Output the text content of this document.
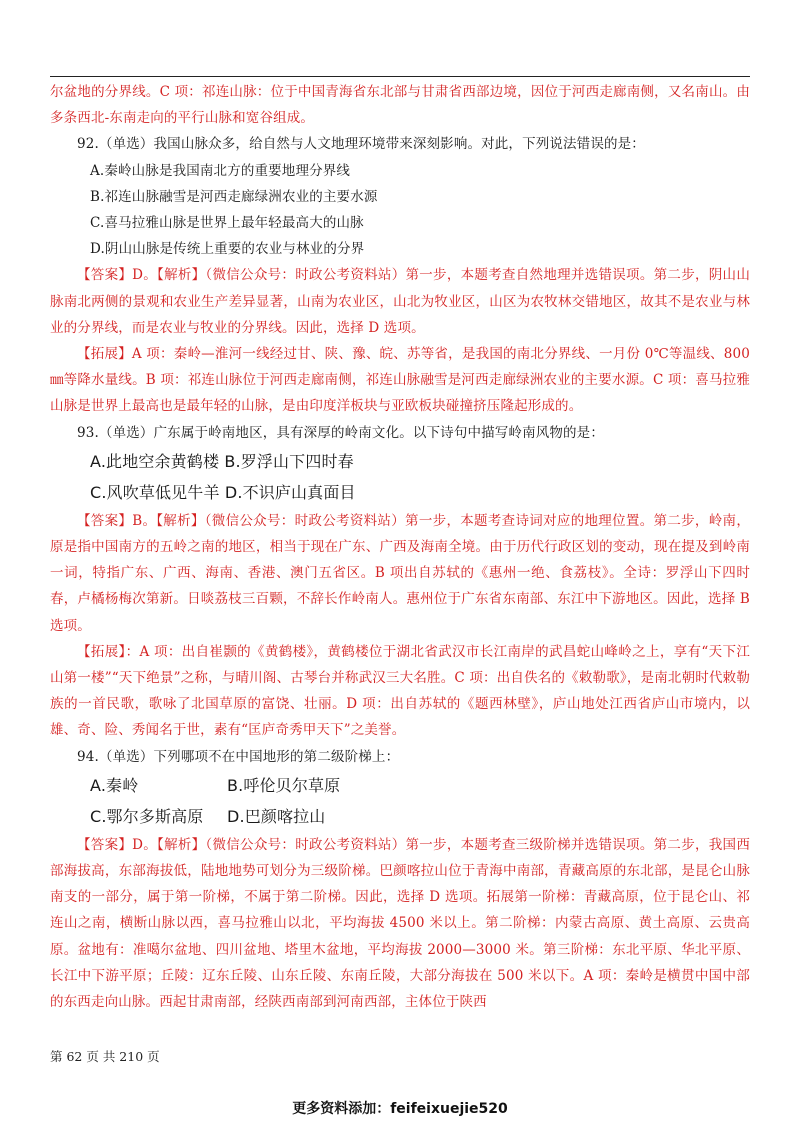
尔盆地的分界线。C 项：祁连山脉：位于中国青海省东北部与甘肃省西部边境，因位于河西走廊南侧，又名南山。由多条西北-东南走向的平行山脉和宽谷组成。

92.（单选）我国山脉众多，给自然与人文地理环境带来深刻影响。对此，下列说法错误的是：

A.秦岭山脉是我国南北方的重要地理分界线

B.祁连山脉融雪是河西走廊绿洲农业的主要水源

C.喜马拉雅山脉是世界上最年轻最高大的山脉

D.阴山山脉是传统上重要的农业与林业的分界

【答案】D。【解析】（微信公众号：时政公考资料站）第一步，本题考查自然地理并选错误项。第二步，阴山山脉南北两侧的景观和农业生产差异显著，山南为农业区，山北为牧业区，山区为农牧林交错地区，故其不是农业与林业的分界线，而是农业与牧业的分界线。因此，选择 D 选项。

【拓展】A 项：秦岭—淮河一线经过甘、陕、豫、皖、苏等省，是我国的南北分界线、一月份 0℃等温线、800㎜等降水量线。B 项：祁连山脉位于河西走廊南侧，祁连山脉融雪是河西走廊绿洲农业的主要水源。C 项：喜马拉雅山脉是世界上最高也是最年轻的山脉，是由印度洋板块与亚欧板块碰撞挤压隆起形成的。

93.（单选）广东属于岭南地区，具有深厚的岭南文化。以下诗句中描写岭南风物的是：

A.此地空余黄鹤楼 B.罗浮山下四时春

C.风吹草低见牛羊 D.不识庐山真面目

【答案】B。【解析】（微信公众号：时政公考资料站）第一步，本题考查诗词对应的地理位置。第二步，岭南，原是指中国南方的五岭之南的地区，相当于现在广东、广西及海南全境。由于历代行政区划的变动，现在提及到岭南一词，特指广东、广西、海南、香港、澳门五省区。B 项出自苏轼的《惠州一绝、食荔枝》。全诗：罗浮山下四时春，卢橘杨梅次第新。日啖荔枝三百颗，不辞长作岭南人。惠州位于广东省东南部、东江中下游地区。因此，选择 B 选项。

【拓展】：A 项：出自崔颢的《黄鹤楼》，黄鹤楼位于湖北省武汉市长江南岸的武昌蛇山峰岭之上，享有“天下江山第一楼”“天下绝景”之称，与晴川阁、古琴台并称武汉三大名胜。C 项：出自佚名的《敕勒歌》，是南北朝时代敕勒族的一首民歌，歌咏了北国草原的富饶、壮丽。D 项：出自苏轼的《题西林壁》，庐山地处江西省庐山市境内，以雄、奇、险、秀闻名于世，素有“匡庐奇秀甲天下”之美誉。

94.（单选）下列哪项不在中国地形的第二级阶梯上：

A.秦岭	B.呼伦贝尔草原

C.鄂尔多斯高原 D.巴颜喀拉山

【答案】D。【解析】（微信公众号：时政公考资料站）第一步，本题考查三级阶梯并选错误项。第二步，我国西部海拔高，东部海拔低，陆地地势可划分为三级阶梯。巴颜喀拉山位于青海中南部，青藏高原的东北部，是昆仑山脉南支的一部分，属于第一阶梯，不属于第二阶梯。因此，选择 D 选项。拓展第一阶梯：青藏高原，位于昆仑山、祁连山之南，横断山脉以西，喜马拉雅山以北，平均海拔 4500 米以上。第二阶梯：内蒙古高原、黄土高原、云贵高原。盆地有：准噶尔盆地、四川盆地、塔里木盆地，平均海拔 2000—3000 米。第三阶梯：东北平原、华北平原、长江中下游平原；丘陵：辽东丘陵、山东丘陵、东南丘陵，大部分海拔在 500 米以下。A 项：秦岭是横贯中国中部的东西走向山脉。西起甘肃南部，经陕西南部到河南西部，主体位于陕西

第 62 页 共 210 页
更多资料添加：feifeixuejie520
